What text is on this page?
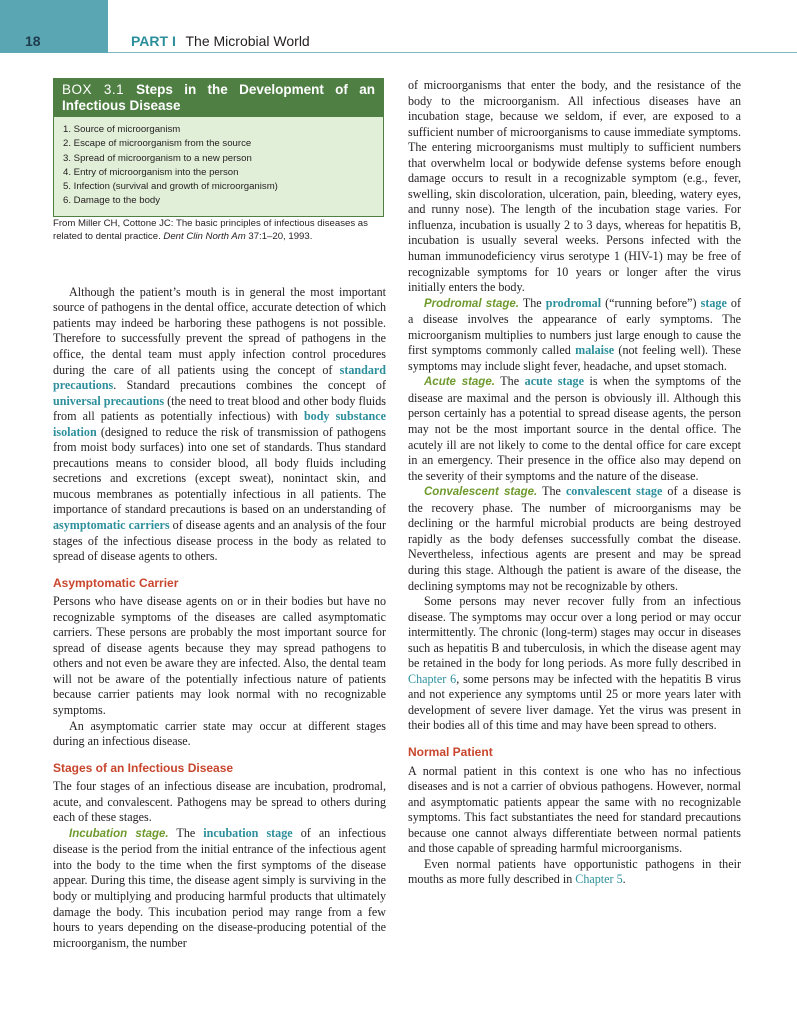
18	PART I The Microbial World
BOX 3.1 Steps in the Development of an Infectious Disease
1. Source of microorganism
2. Escape of microorganism from the source
3. Spread of microorganism to a new person
4. Entry of microorganism into the person
5. Infection (survival and growth of microorganism)
6. Damage to the body

From Miller CH, Cottone JC: The basic principles of infectious diseases as related to dental practice. Dent Clin North Am 37:1–20, 1993.

Although the patient’s mouth is in general the most important source of pathogens in the dental office, accurate detection of which patients may indeed be harboring these pathogens is not possible. Therefore to successfully prevent the spread of pathogens in the office, the dental team must apply infection control procedures during the care of all patients using the concept of standard precautions. Standard precautions combines the concept of universal precautions (the need to treat blood and other body fluids from all patients as potentially infectious) with body substance isolation (designed to reduce the risk of transmission of pathogens from moist body surfaces) into one set of standards. Thus standard precautions means to consider blood, all body fluids including secretions and excretions (except sweat), nonintact skin, and mucous membranes as potentially infectious in all patients. The importance of standard precautions is based on an understanding of asymptomatic carriers of disease agents and an analysis of the four stages of the infectious disease process in the body as related to spread of disease agents to others.

Asymptomatic Carrier

Persons who have disease agents on or in their bodies but have no recognizable symptoms of the diseases are called asymptomatic carriers. These persons are probably the most important source for spread of disease agents because they may spread pathogens to others and not even be aware they are infected. Also, the dental team will not be aware of the potentially infectious nature of patients because carrier patients may look normal with no recognizable symptoms.

An asymptomatic carrier state may occur at different stages during an infectious disease.

Stages of an Infectious Disease

The four stages of an infectious disease are incubation, prodromal, acute, and convalescent. Pathogens may be spread to others during each of these stages.

Incubation stage. The incubation stage of an infectious disease is the period from the initial entrance of the infectious agent into the body to the time when the first symptoms of the disease appear. During this time, the disease agent simply is surviving in the body or multiplying and producing harmful products that ultimately damage the body. This incubation period may range from a few hours to years depending on the disease-producing potential of the microorganism, the number

of microorganisms that enter the body, and the resistance of the body to the microorganism. All infectious diseases have an incubation stage, because we seldom, if ever, are exposed to a sufficient number of microorganisms to cause immediate symptoms. The entering microorganisms must multiply to sufficient numbers that overwhelm local or bodywide defense systems before enough damage occurs to result in a recognizable symptom (e.g., fever, swelling, skin discoloration, ulceration, pain, bleeding, watery eyes, and runny nose). The length of the incubation stage varies. For influenza, incubation is usually 2 to 3 days, whereas for hepatitis B, incubation is usually several weeks. Persons infected with the human immunodeficiency virus serotype 1 (HIV-1) may be free of recognizable symptoms for 10 years or longer after the virus initially enters the body.

Prodromal stage. The prodromal (“running before”) stage of a disease involves the appearance of early symptoms. The microorganism multiplies to numbers just large enough to cause the first symptoms commonly called malaise (not feeling well). These symptoms may include slight fever, headache, and upset stomach.

Acute stage. The acute stage is when the symptoms of the disease are maximal and the person is obviously ill. Although this person certainly has a potential to spread disease agents, the person may not be the most important source in the dental office. The acutely ill are not likely to come to the dental office for care except in an emergency. Their presence in the office also may depend on the severity of their symptoms and the nature of the disease.

Convalescent stage. The convalescent stage of a disease is the recovery phase. The number of microorganisms may be declining or the harmful microbial products are being destroyed rapidly as the body defenses successfully combat the disease. Nevertheless, infectious agents are present and may be spread during this stage. Although the patient is aware of the disease, the declining symptoms may not be recognizable by others.

Some persons may never recover fully from an infectious disease. The symptoms may occur over a long period or may occur intermittently. The chronic (long-term) stages may occur in diseases such as hepatitis B and tuberculosis, in which the disease agent may be retained in the body for long periods. As more fully described in Chapter 6, some persons may be infected with the hepatitis B virus and not experience any symptoms until 25 or more years later with development of severe liver damage. Yet the virus was present in their bodies all of this time and may have been spread to others.

Normal Patient

A normal patient in this context is one who has no infectious diseases and is not a carrier of obvious pathogens. However, normal and asymptomatic patients appear the same with no recognizable symptoms. This fact substantiates the need for standard precautions because one cannot always differentiate between normal patients and those capable of spreading harmful microorganisms.

Even normal patients have opportunistic pathogens in their mouths as more fully described in Chapter 5.
